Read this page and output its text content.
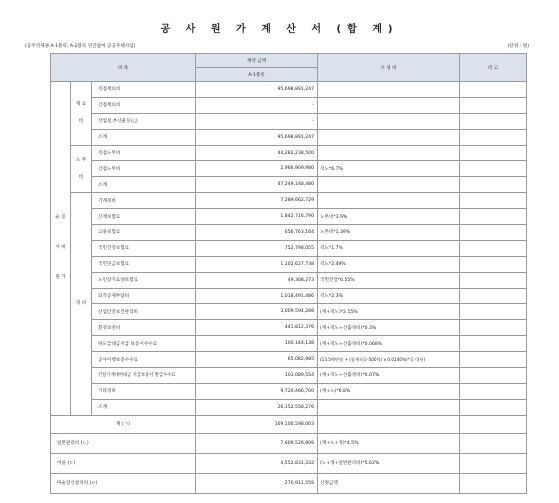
공 사 원 가 계 산 서 (합 계)
(공주역세권 A-1블록, A-2블록 민간참여 공공주택사업)	(단위 : 원)
비 목			계약 금액	구 성 비	비 고
			A-1블록		
순 공 사 비 원 가	재 료 비	직접재료비	95,698,891,247		
		간접재료비	-		
		작업설,부산물등(△)	-		
		소계	95,698,891,247		
	노 무 비	직접노무비	44,282,238,500		
		간접노무비	2,966,909,980	직노*6.7%	
		소계	47,249,148,480		
	경 비	기계경비	7,289,662,729		
		산재보험료	1,842,716,790	노무비*3.9%	
		고용보험료	656,763,164	노무비*1.39%	
		국민건강보험료	752,798,055	직노*1.7%	
		국민연금보험료	1,102,627,738	직노*2.49%	
		노인장기요양보험료	49,308,273	국민건강*6.55%	
		퇴직공제부담비	1,018,491,486	직노*2.3%	
		산업안전보건관리비	3,009,594,288	(재+직노)*2.15%	
		환경보전비	441,812,376	(재+직노+산출경비)*0.3%	
		하도급대금지급 보증서수수료	100,144,138	(재+직노+산출경비)*0.068%	
		공사이행보증수수료	65,082,985	(13.5백만원 + (합계직공-500억) x 0.0140%)*공기(년)	
		건설기계대여대금 지급보증서 발급수수료	103,089,554	(재+직노+산출경비)*0.07%	
		기타경비	9,720,466,700	(재+노)*6.8%	
		소계	26,152,558,276		
계 (ㄱ)			169,100,598,003		
일반관리비 (ㄴ)			7,609,526,909	(재+노+경)*4.5%	
이윤 (ㄷ)			4,552,831,332	(노+경+일반관리비)*5.62%	
미술장식설치비 (ㄹ)			270,911,559	산정금액	
